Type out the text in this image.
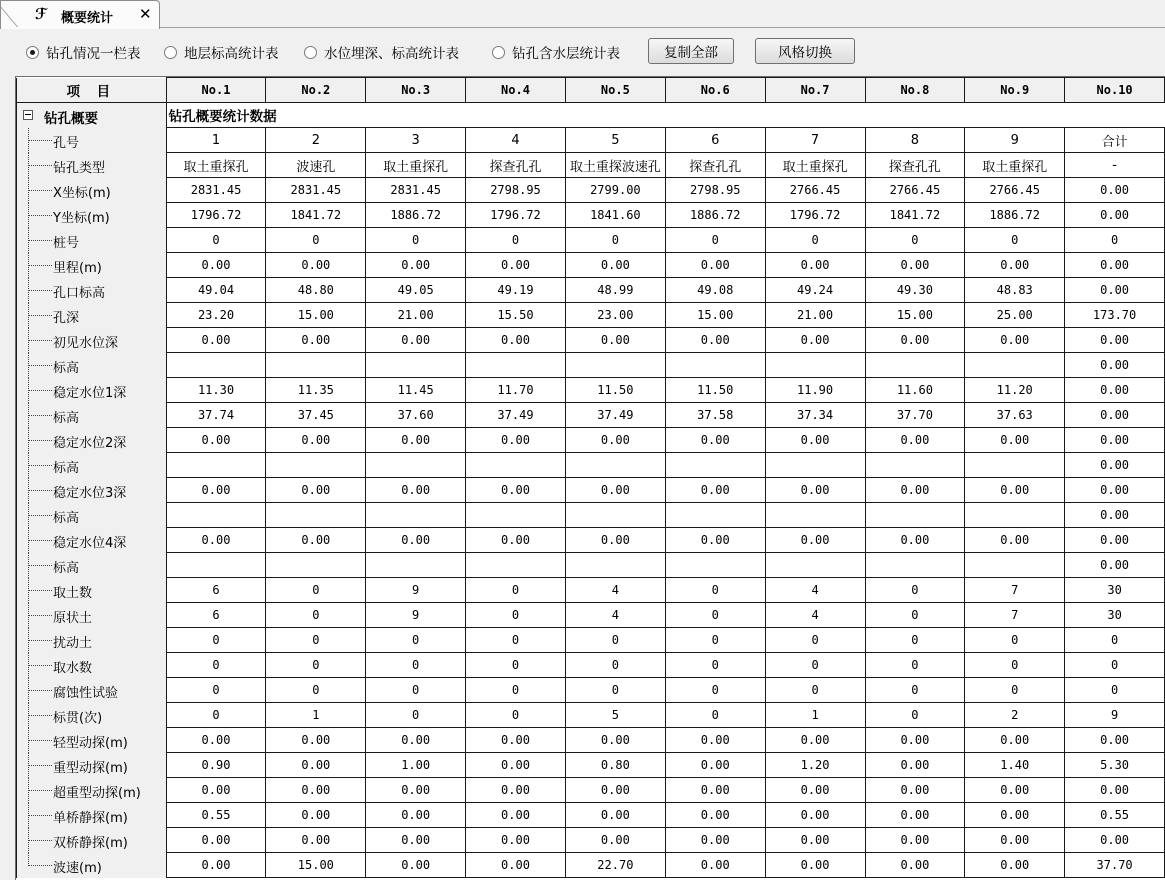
ℱ 概要统计 ✕
钻孔情况一栏表	地层标高统计表	水位埋深、标高统计表	钻孔含水层统计表	复制全部	风格切换
项 目	No.1	No.2	No.3	No.4	No.5	No.6	No.7	No.8	No.9	No.10

钻孔概要	钻孔概要统计数据									

孔号	1	2	3	4	5	6	7	8	9	合计

钻孔类型	取土重探孔	波速孔	取土重探孔	探查孔孔	取土重探波速孔	探查孔孔	取土重探孔	探查孔孔	取土重探孔	-

X坐标(m)	2831.45	2831.45	2831.45	2798.95	2799.00	2798.95	2766.45	2766.45	2766.45	0.00

Y坐标(m)	1796.72	1841.72	1886.72	1796.72	1841.60	1886.72	1796.72	1841.72	1886.72	0.00

桩号	0	0	0	0	0	0	0	0	0	0

里程(m)	0.00	0.00	0.00	0.00	0.00	0.00	0.00	0.00	0.00	0.00

孔口标高	49.04	48.80	49.05	49.19	48.99	49.08	49.24	49.30	48.83	0.00

孔深	23.20	15.00	21.00	15.50	23.00	15.00	21.00	15.00	25.00	173.70

初见水位深	0.00	0.00	0.00	0.00	0.00	0.00	0.00	0.00	0.00	0.00

标高										0.00

稳定水位1深	11.30	11.35	11.45	11.70	11.50	11.50	11.90	11.60	11.20	0.00

标高	37.74	37.45	37.60	37.49	37.49	37.58	37.34	37.70	37.63	0.00

稳定水位2深	0.00	0.00	0.00	0.00	0.00	0.00	0.00	0.00	0.00	0.00

标高										0.00

稳定水位3深	0.00	0.00	0.00	0.00	0.00	0.00	0.00	0.00	0.00	0.00

标高										0.00

稳定水位4深	0.00	0.00	0.00	0.00	0.00	0.00	0.00	0.00	0.00	0.00

标高										0.00

取土数	6	0	9	0	4	0	4	0	7	30

原状土	6	0	9	0	4	0	4	0	7	30

扰动土	0	0	0	0	0	0	0	0	0	0

取水数	0	0	0	0	0	0	0	0	0	0

腐蚀性试验	0	0	0	0	0	0	0	0	0	0

标贯(次)	0	1	0	0	5	0	1	0	2	9

轻型动探(m)	0.00	0.00	0.00	0.00	0.00	0.00	0.00	0.00	0.00	0.00

重型动探(m)	0.90	0.00	1.00	0.00	0.80	0.00	1.20	0.00	1.40	5.30

超重型动探(m)	0.00	0.00	0.00	0.00	0.00	0.00	0.00	0.00	0.00	0.00

单桥静探(m)	0.55	0.00	0.00	0.00	0.00	0.00	0.00	0.00	0.00	0.55

双桥静探(m)	0.00	0.00	0.00	0.00	0.00	0.00	0.00	0.00	0.00	0.00

波速(m)	0.00	15.00	0.00	0.00	22.70	0.00	0.00	0.00	0.00	37.70
